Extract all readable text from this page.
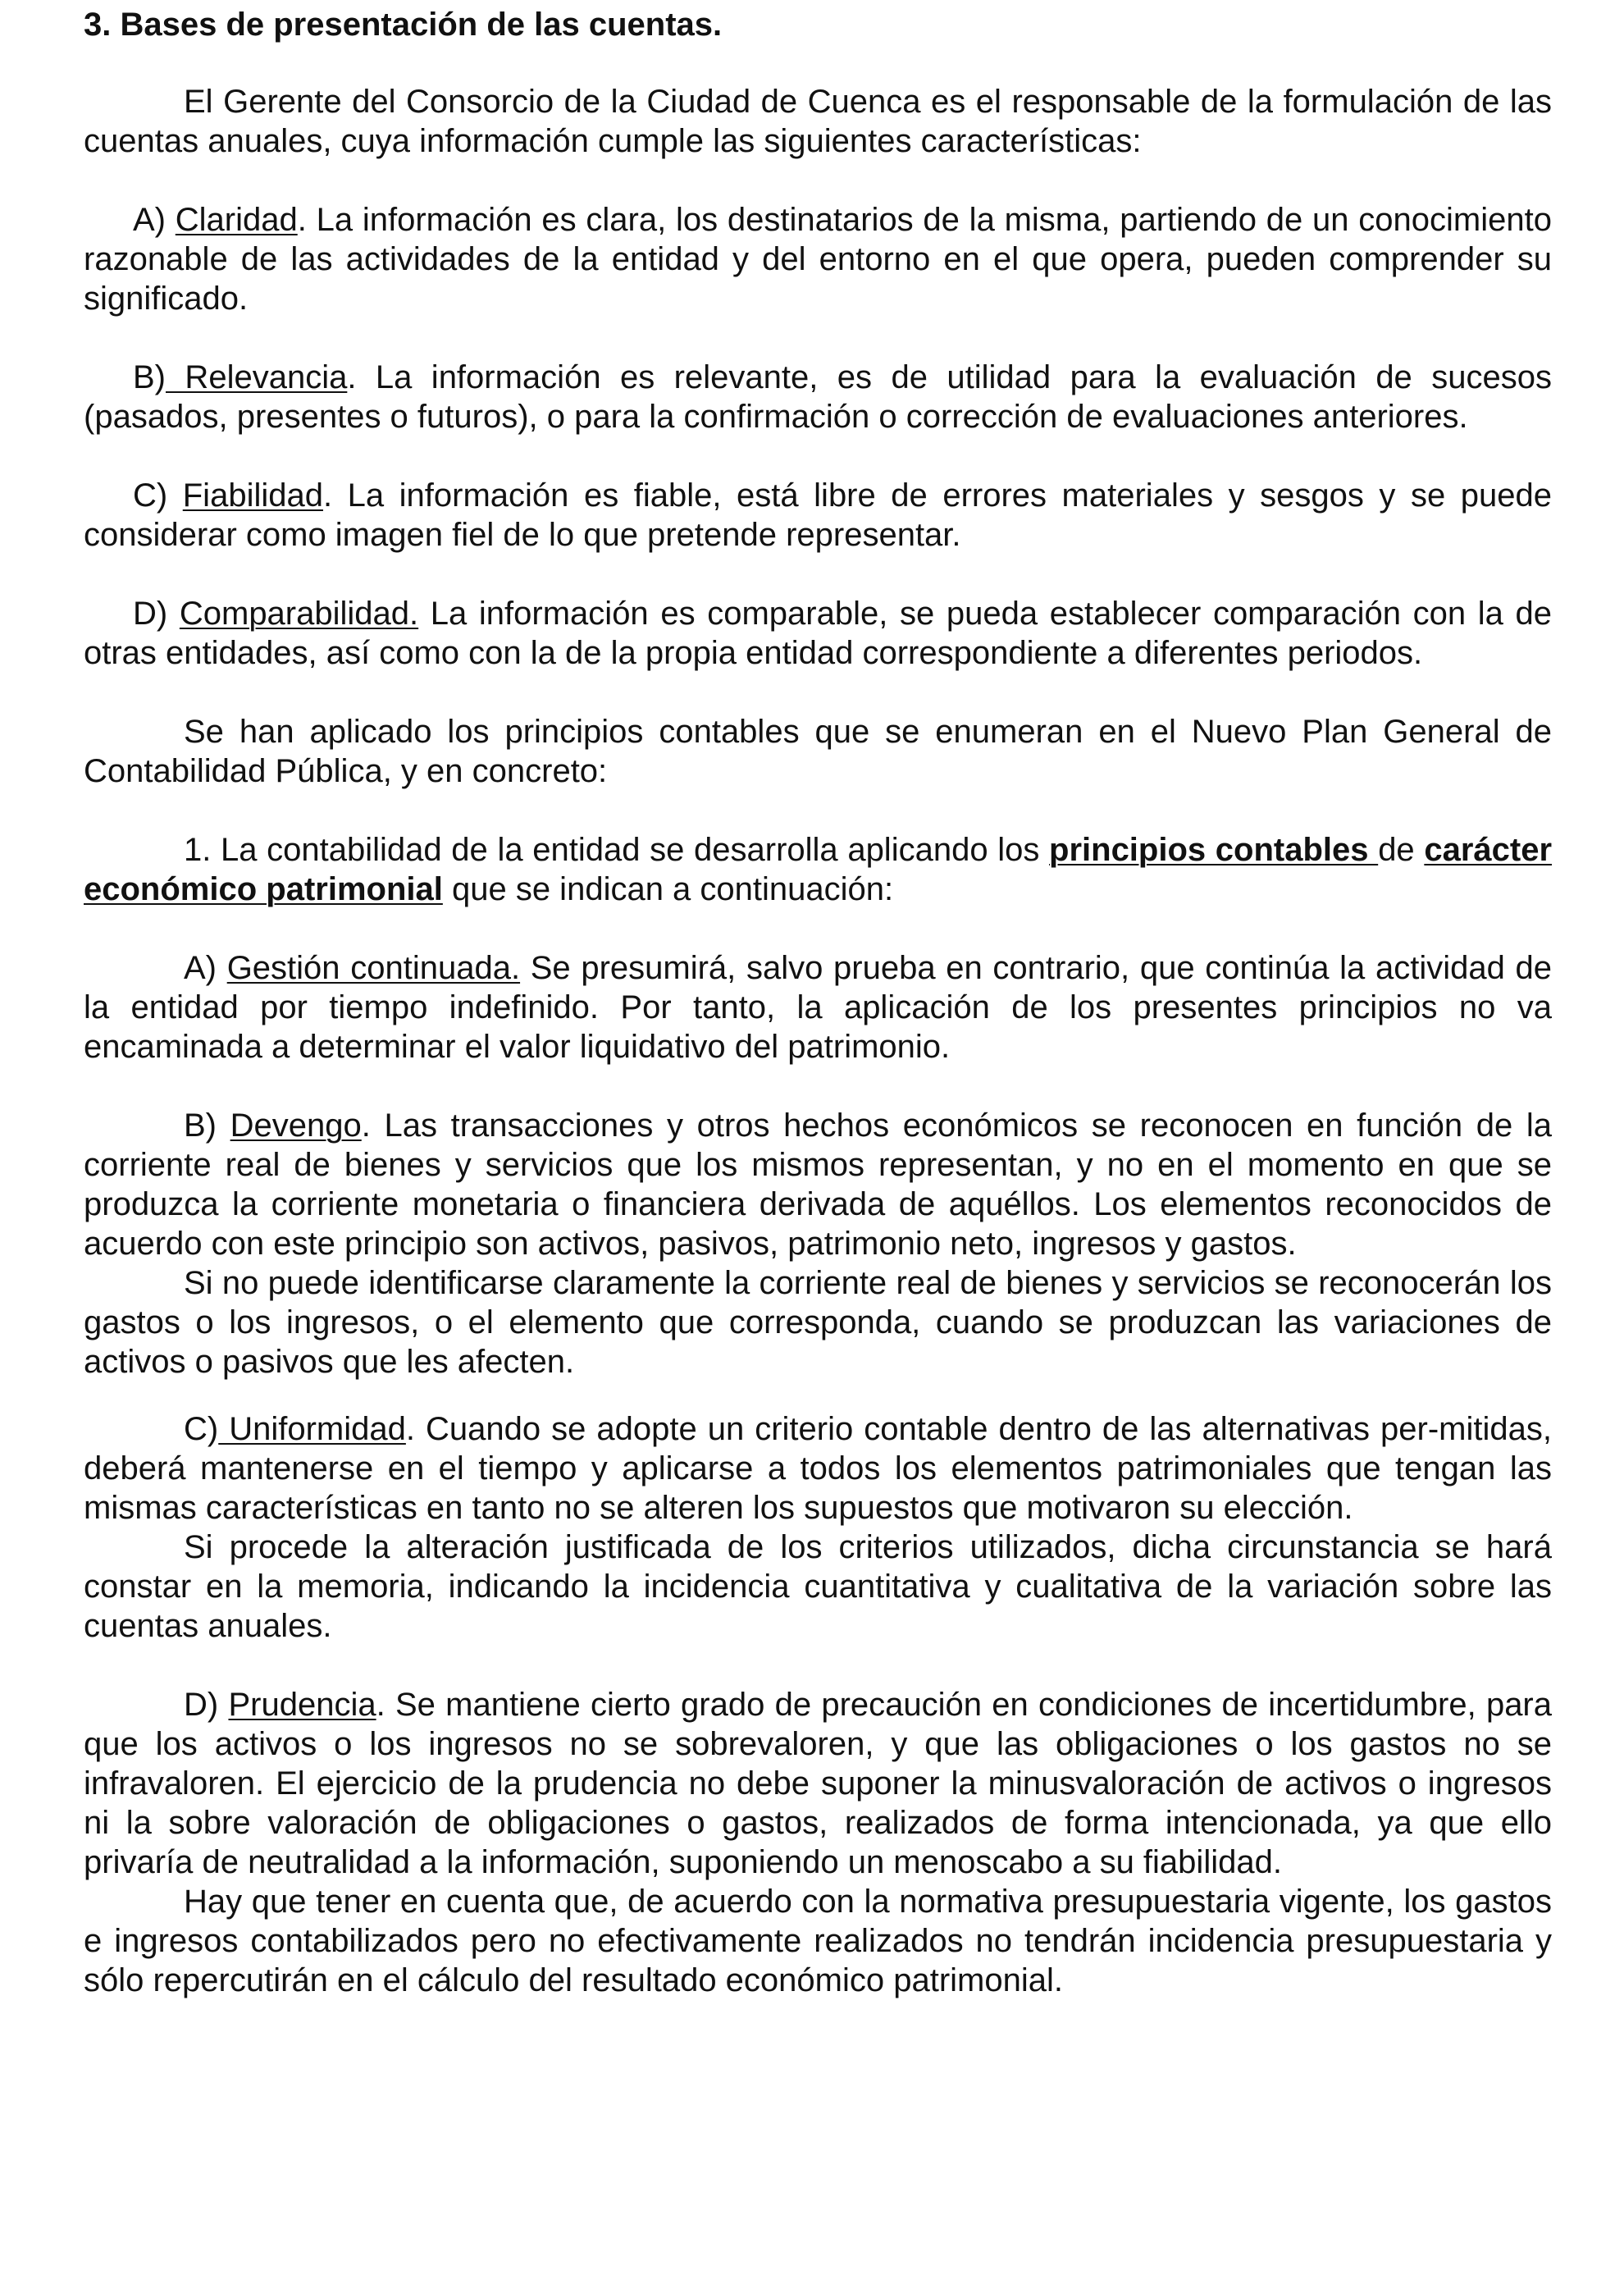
3. Bases de presentación de las cuentas.

El Gerente del Consorcio de la Ciudad de Cuenca es el responsable de la formulación de las cuentas anuales, cuya información cumple las siguientes características:

A) Claridad. La información es clara, los destinatarios de la misma, partiendo de un conocimiento razonable de las actividades de la entidad y del entorno en el que opera, pueden comprender su significado.

B) Relevancia. La información es relevante, es de utilidad para la evaluación de sucesos (pasados, presentes o futuros), o para la confirmación o corrección de evaluaciones anteriores.

C) Fiabilidad. La información es fiable, está libre de errores materiales y sesgos y se puede considerar como imagen fiel de lo que pretende representar.

D) Comparabilidad. La información es comparable, se pueda establecer comparación con la de otras entidades, así como con la de la propia entidad correspondiente a diferentes periodos.

Se han aplicado los principios contables que se enumeran en el Nuevo Plan General de Contabilidad Pública, y en concreto:

1. La contabilidad de la entidad se desarrolla aplicando los principios contables de carácter económico patrimonial que se indican a continuación:

A) Gestión continuada. Se presumirá, salvo prueba en contrario, que continúa la actividad de la entidad por tiempo indefinido. Por tanto, la aplicación de los presentes principios no va encaminada a determinar el valor liquidativo del patrimonio.

B) Devengo. Las transacciones y otros hechos económicos se reconocen en función de la corriente real de bienes y servicios que los mismos representan, y no en el momento en que se produzca la corriente monetaria o financiera derivada de aquéllos. Los elementos reconocidos de acuerdo con este principio son activos, pasivos, patrimonio neto, ingresos y gastos.

Si no puede identificarse claramente la corriente real de bienes y servicios se reconocerán los gastos o los ingresos, o el elemento que corresponda, cuando se produzcan las variaciones de activos o pasivos que les afecten.

C) Uniformidad. Cuando se adopte un criterio contable dentro de las alternativas per-mitidas, deberá mantenerse en el tiempo y aplicarse a todos los elementos patrimoniales que tengan las mismas características en tanto no se alteren los supuestos que motivaron su elección.

Si procede la alteración justificada de los criterios utilizados, dicha circunstancia se hará constar en la memoria, indicando la incidencia cuantitativa y cualitativa de la variación sobre las cuentas anuales.

D) Prudencia. Se mantiene cierto grado de precaución en condiciones de incertidumbre, para que los activos o los ingresos no se sobrevaloren, y que las obligaciones o los gastos no se infravaloren. El ejercicio de la prudencia no debe suponer la minusvaloración de activos o ingresos ni la sobre valoración de obligaciones o gastos, realizados de forma intencionada, ya que ello privaría de neutralidad a la información, suponiendo un menoscabo a su fiabilidad.

Hay que tener en cuenta que, de acuerdo con la normativa presupuestaria vigente, los gastos e ingresos contabilizados pero no efectivamente realizados no tendrán incidencia presupuestaria y sólo repercutirán en el cálculo del resultado económico patrimonial.
